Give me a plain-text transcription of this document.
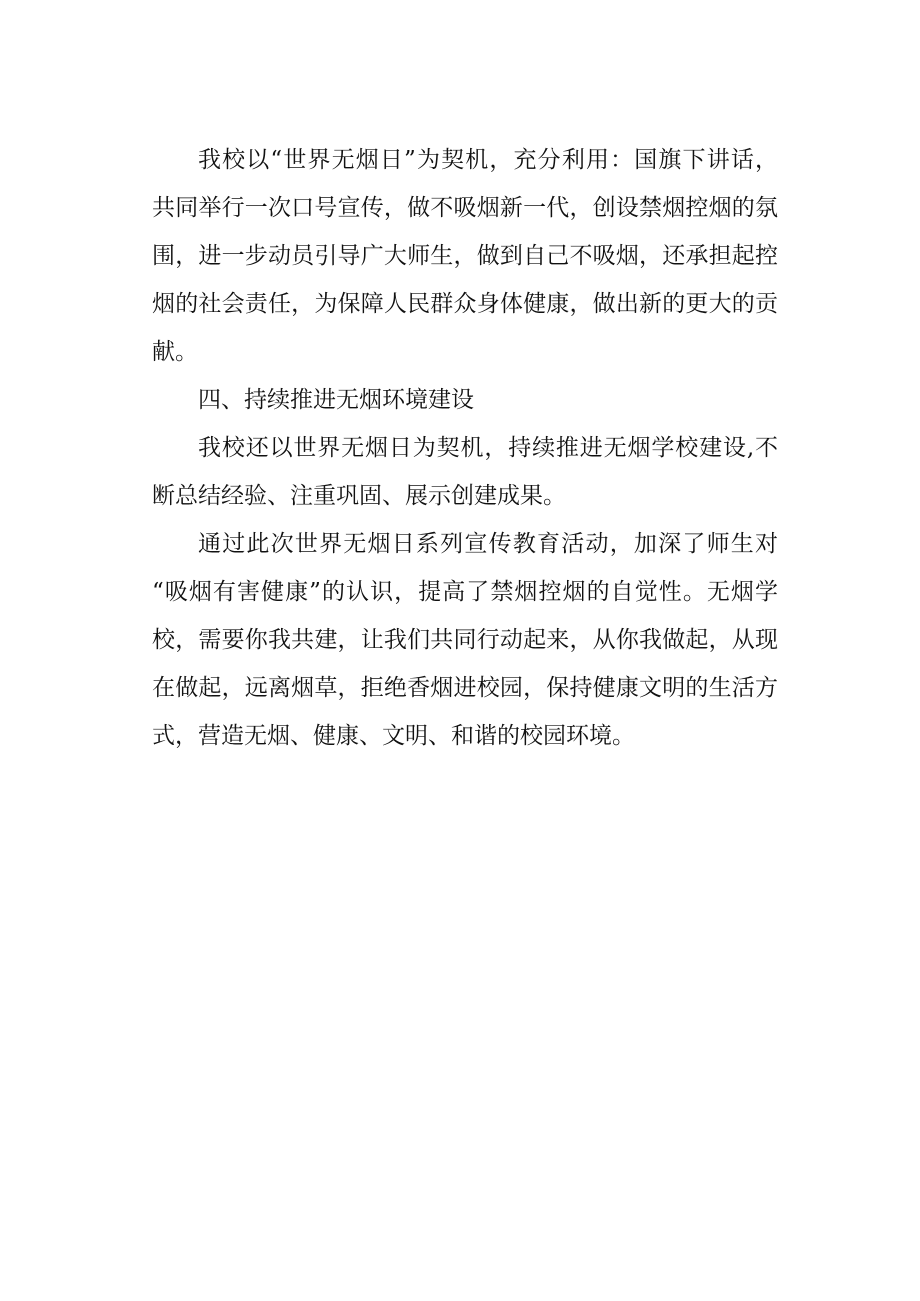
我校以“世界无烟日”为契机，充分利用：国旗下讲话，
共同举行一次口号宣传，做不吸烟新一代，创设禁烟控烟的氛
围，进一步动员引导广大师生，做到自己不吸烟，还承担起控
烟的社会责任，为保障人民群众身体健康，做出新的更大的贡
献。
四、持续推进无烟环境建设
我校还以世界无烟日为契机，持续推进无烟学校建设,不
断总结经验、注重巩固、展示创建成果。
通过此次世界无烟日系列宣传教育活动，加深了师生对
“吸烟有害健康”的认识，提高了禁烟控烟的自觉性。无烟学
校，需要你我共建，让我们共同行动起来，从你我做起，从现
在做起，远离烟草，拒绝香烟进校园，保持健康文明的生活方
式，营造无烟、健康、文明、和谐的校园环境。
